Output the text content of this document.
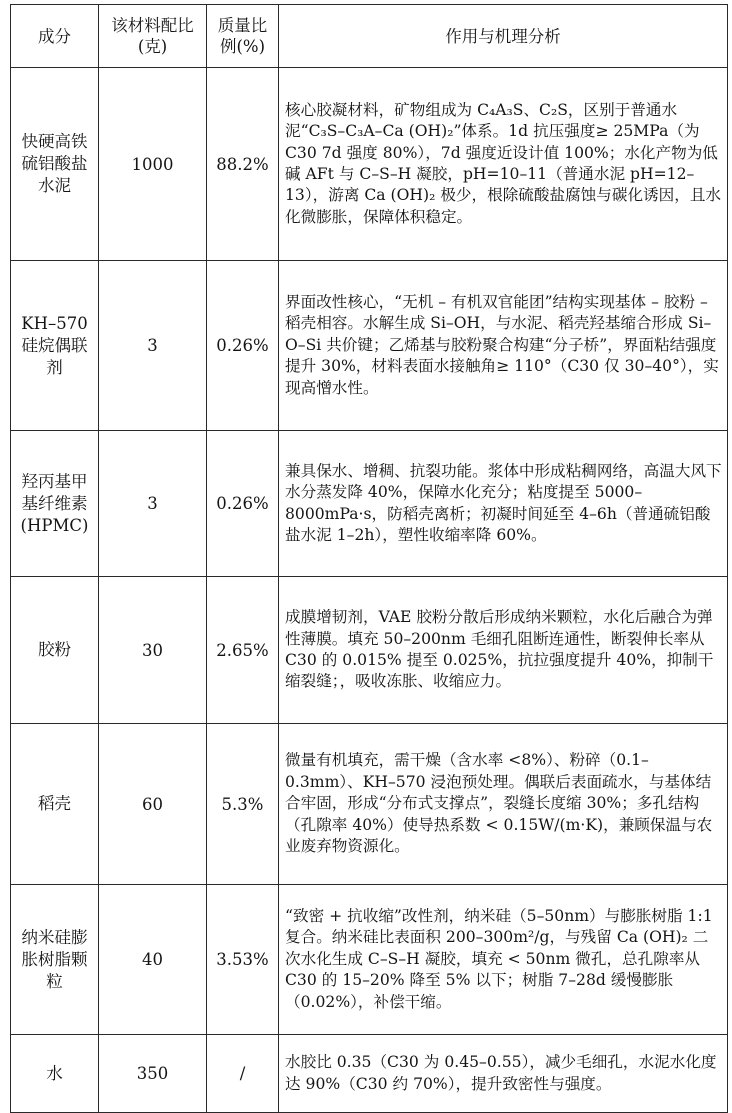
成分	该材料配比(克)	质量比例(%)	作用与机理分析
快硬高铁硫铝酸盐水泥	1000	88.2%	核心胶凝材料，矿物组成为 C₄A₃S、C₂S，区别于普通水泥“C₃S–C₃A–Ca (OH)₂”体系。1d 抗压强度≥ 25MPa（为 C30 7d 强度 80%），7d 强度近设计值 100%；水化产物为低碱 AFt 与 C–S–H 凝胶，pH=10–11（普通水泥 pH=12–13），游离 Ca (OH)₂ 极少，根除硫酸盐腐蚀与碳化诱因，且水化微膨胀，保障体积稳定。
KH–570 硅烷偶联剂	3	0.26%	界面改性核心，“无机 – 有机双官能团”结构实现基体 – 胶粉 – 稻壳相容。水解生成 Si–OH，与水泥、稻壳羟基缩合形成 Si–O–Si 共价键；乙烯基与胶粉聚合构建“分子桥”，界面粘结强度提升 30%，材料表面水接触角≥ 110°（C30 仅 30–40°），实现高憎水性。
羟丙基甲基纤维素 (HPMC)	3	0.26%	兼具保水、增稠、抗裂功能。浆体中形成粘稠网络，高温大风下水分蒸发降 40%，保障水化充分；粘度提至 5000–8000mPa·s，防稻壳离析；初凝时间延至 4–6h（普通硫铝酸盐水泥 1–2h），塑性收缩率降 60%。
胶粉	30	2.65%	成膜增韧剂，VAE 胶粉分散后形成纳米颗粒，水化后融合为弹性薄膜。填充 50–200nm 毛细孔阻断连通性，断裂伸长率从 C30 的 0.015% 提至 0.025%，抗拉强度提升 40%，抑制干缩裂缝；，吸收冻胀、收缩应力。
稻壳	60	5.3%	微量有机填充，需干燥（含水率 <8%）、粉碎（0.1–0.3mm）、KH–570 浸泡预处理。偶联后表面疏水，与基体结合牢固，形成“分布式支撑点”，裂缝长度缩 30%；多孔结构（孔隙率 40%）使导热系数 < 0.15W/(m·K)，兼顾保温与农业废弃物资源化。
纳米硅膨胀树脂颗粒	40	3.53%	“致密 + 抗收缩”改性剂，纳米硅（5–50nm）与膨胀树脂 1:1 复合。纳米硅比表面积 200–300m²/g，与残留 Ca (OH)₂ 二次水化生成 C–S–H 凝胶，填充 < 50nm 微孔，总孔隙率从 C30 的 15–20% 降至 5% 以下；树脂 7–28d 缓慢膨胀（0.02%），补偿干缩。
水	350	/	水胶比 0.35（C30 为 0.45–0.55），减少毛细孔，水泥水化度达 90%（C30 约 70%），提升致密性与强度。
